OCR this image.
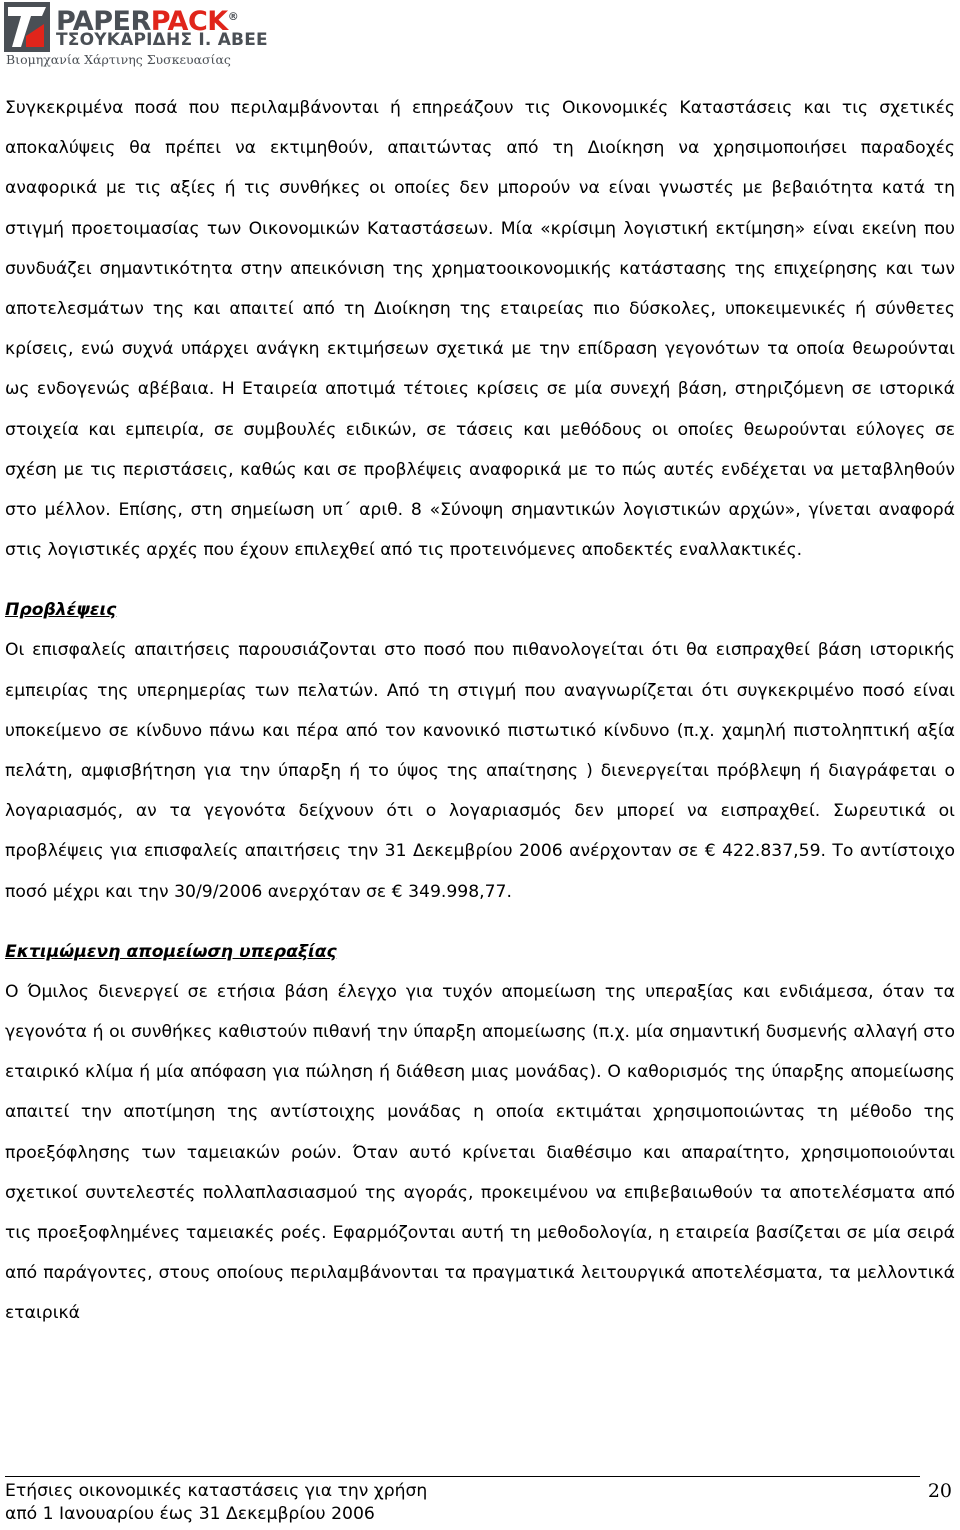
PAPERPACK®
ΤΣΟΥΚΑΡΙΔΗΣ Ι. ΑΒΕΕ
Βιομηχανία Χάρτινης Συσκευασίας

Συγκεκριμένα ποσά που περιλαμβάνονται ή επηρεάζουν τις Οικονομικές Καταστάσεις και τις σχετικές αποκαλύψεις θα πρέπει να εκτιμηθούν, απαιτώντας από τη Διοίκηση να χρησιμοποιήσει παραδοχές αναφορικά με τις αξίες ή τις συνθήκες οι οποίες δεν μπορούν να είναι γνωστές με βεβαιότητα κατά τη στιγμή προετοιμασίας των Οικονομικών Καταστάσεων. Μία «κρίσιμη λογιστική εκτίμηση» είναι εκείνη που συνδυάζει σημαντικότητα στην απεικόνιση της χρηματοοικονομικής κατάστασης της επιχείρησης και των αποτελεσμάτων της και απαιτεί από τη Διοίκηση της εταιρείας πιο δύσκολες, υποκειμενικές ή σύνθετες κρίσεις, ενώ συχνά υπάρχει ανάγκη εκτιμήσεων σχετικά με την επίδραση γεγονότων τα οποία θεωρούνται ως ενδογενώς αβέβαια. Η Εταιρεία αποτιμά τέτοιες κρίσεις σε μία συνεχή βάση, στηριζόμενη σε ιστορικά στοιχεία και εμπειρία, σε συμβουλές ειδικών, σε τάσεις και μεθόδους οι οποίες θεωρούνται εύλογες σε σχέση με τις περιστάσεις, καθώς και σε προβλέψεις αναφορικά με το πώς αυτές ενδέχεται να μεταβληθούν στο μέλλον. Επίσης, στη σημείωση υπ΄ αριθ. 8 «Σύνοψη σημαντικών λογιστικών αρχών», γίνεται αναφορά στις λογιστικές αρχές που έχουν επιλεχθεί από τις προτεινόμενες αποδεκτές εναλλακτικές.

Προβλέψεις

Οι επισφαλείς απαιτήσεις παρουσιάζονται στο ποσό που πιθανολογείται ότι θα εισπραχθεί βάση ιστορικής εμπειρίας της υπερημερίας των πελατών. Από τη στιγμή που αναγνωρίζεται ότι συγκεκριμένο ποσό είναι υποκείμενο σε κίνδυνο πάνω και πέρα από τον κανονικό πιστωτικό κίνδυνο (π.χ. χαμηλή πιστοληπτική αξία πελάτη, αμφισβήτηση για την ύπαρξη ή το ύψος της απαίτησης ) διενεργείται πρόβλεψη ή διαγράφεται ο λογαριασμός, αν τα γεγονότα δείχνουν ότι ο λογαριασμός δεν μπορεί να εισπραχθεί. Σωρευτικά οι προβλέψεις για επισφαλείς απαιτήσεις την 31 Δεκεμβρίου 2006 ανέρχονταν σε € 422.837,59. Το αντίστοιχο ποσό μέχρι και την 30/9/2006 ανερχόταν σε € 349.998,77.

Εκτιμώμενη απομείωση υπεραξίας

Ο Όμιλος διενεργεί σε ετήσια βάση έλεγχο για τυχόν απομείωση της υπεραξίας και ενδιάμεσα, όταν τα γεγονότα ή οι συνθήκες καθιστούν πιθανή την ύπαρξη απομείωσης (π.χ. μία σημαντική δυσμενής αλλαγή στο εταιρικό κλίμα ή μία απόφαση για πώληση ή διάθεση μιας μονάδας). Ο καθορισμός της ύπαρξης απομείωσης απαιτεί την αποτίμηση της αντίστοιχης μονάδας η οποία εκτιμάται χρησιμοποιώντας τη μέθοδο της προεξόφλησης των ταμειακών ροών. Όταν αυτό κρίνεται διαθέσιμο και απαραίτητο, χρησιμοποιούνται σχετικοί συντελεστές πολλαπλασιασμού της αγοράς, προκειμένου να επιβεβαιωθούν τα αποτελέσματα από τις προεξοφλημένες ταμειακές ροές. Εφαρμόζονται αυτή τη μεθοδολογία, η εταιρεία βασίζεται σε μία σειρά από παράγοντες, στους οποίους περιλαμβάνονται τα πραγματικά λειτουργικά αποτελέσματα, τα μελλοντικά εταιρικά

Ετήσιες οικονομικές καταστάσεις για την χρήση
από 1 Ιανουαρίου έως 31 Δεκεμβρίου 2006
20
